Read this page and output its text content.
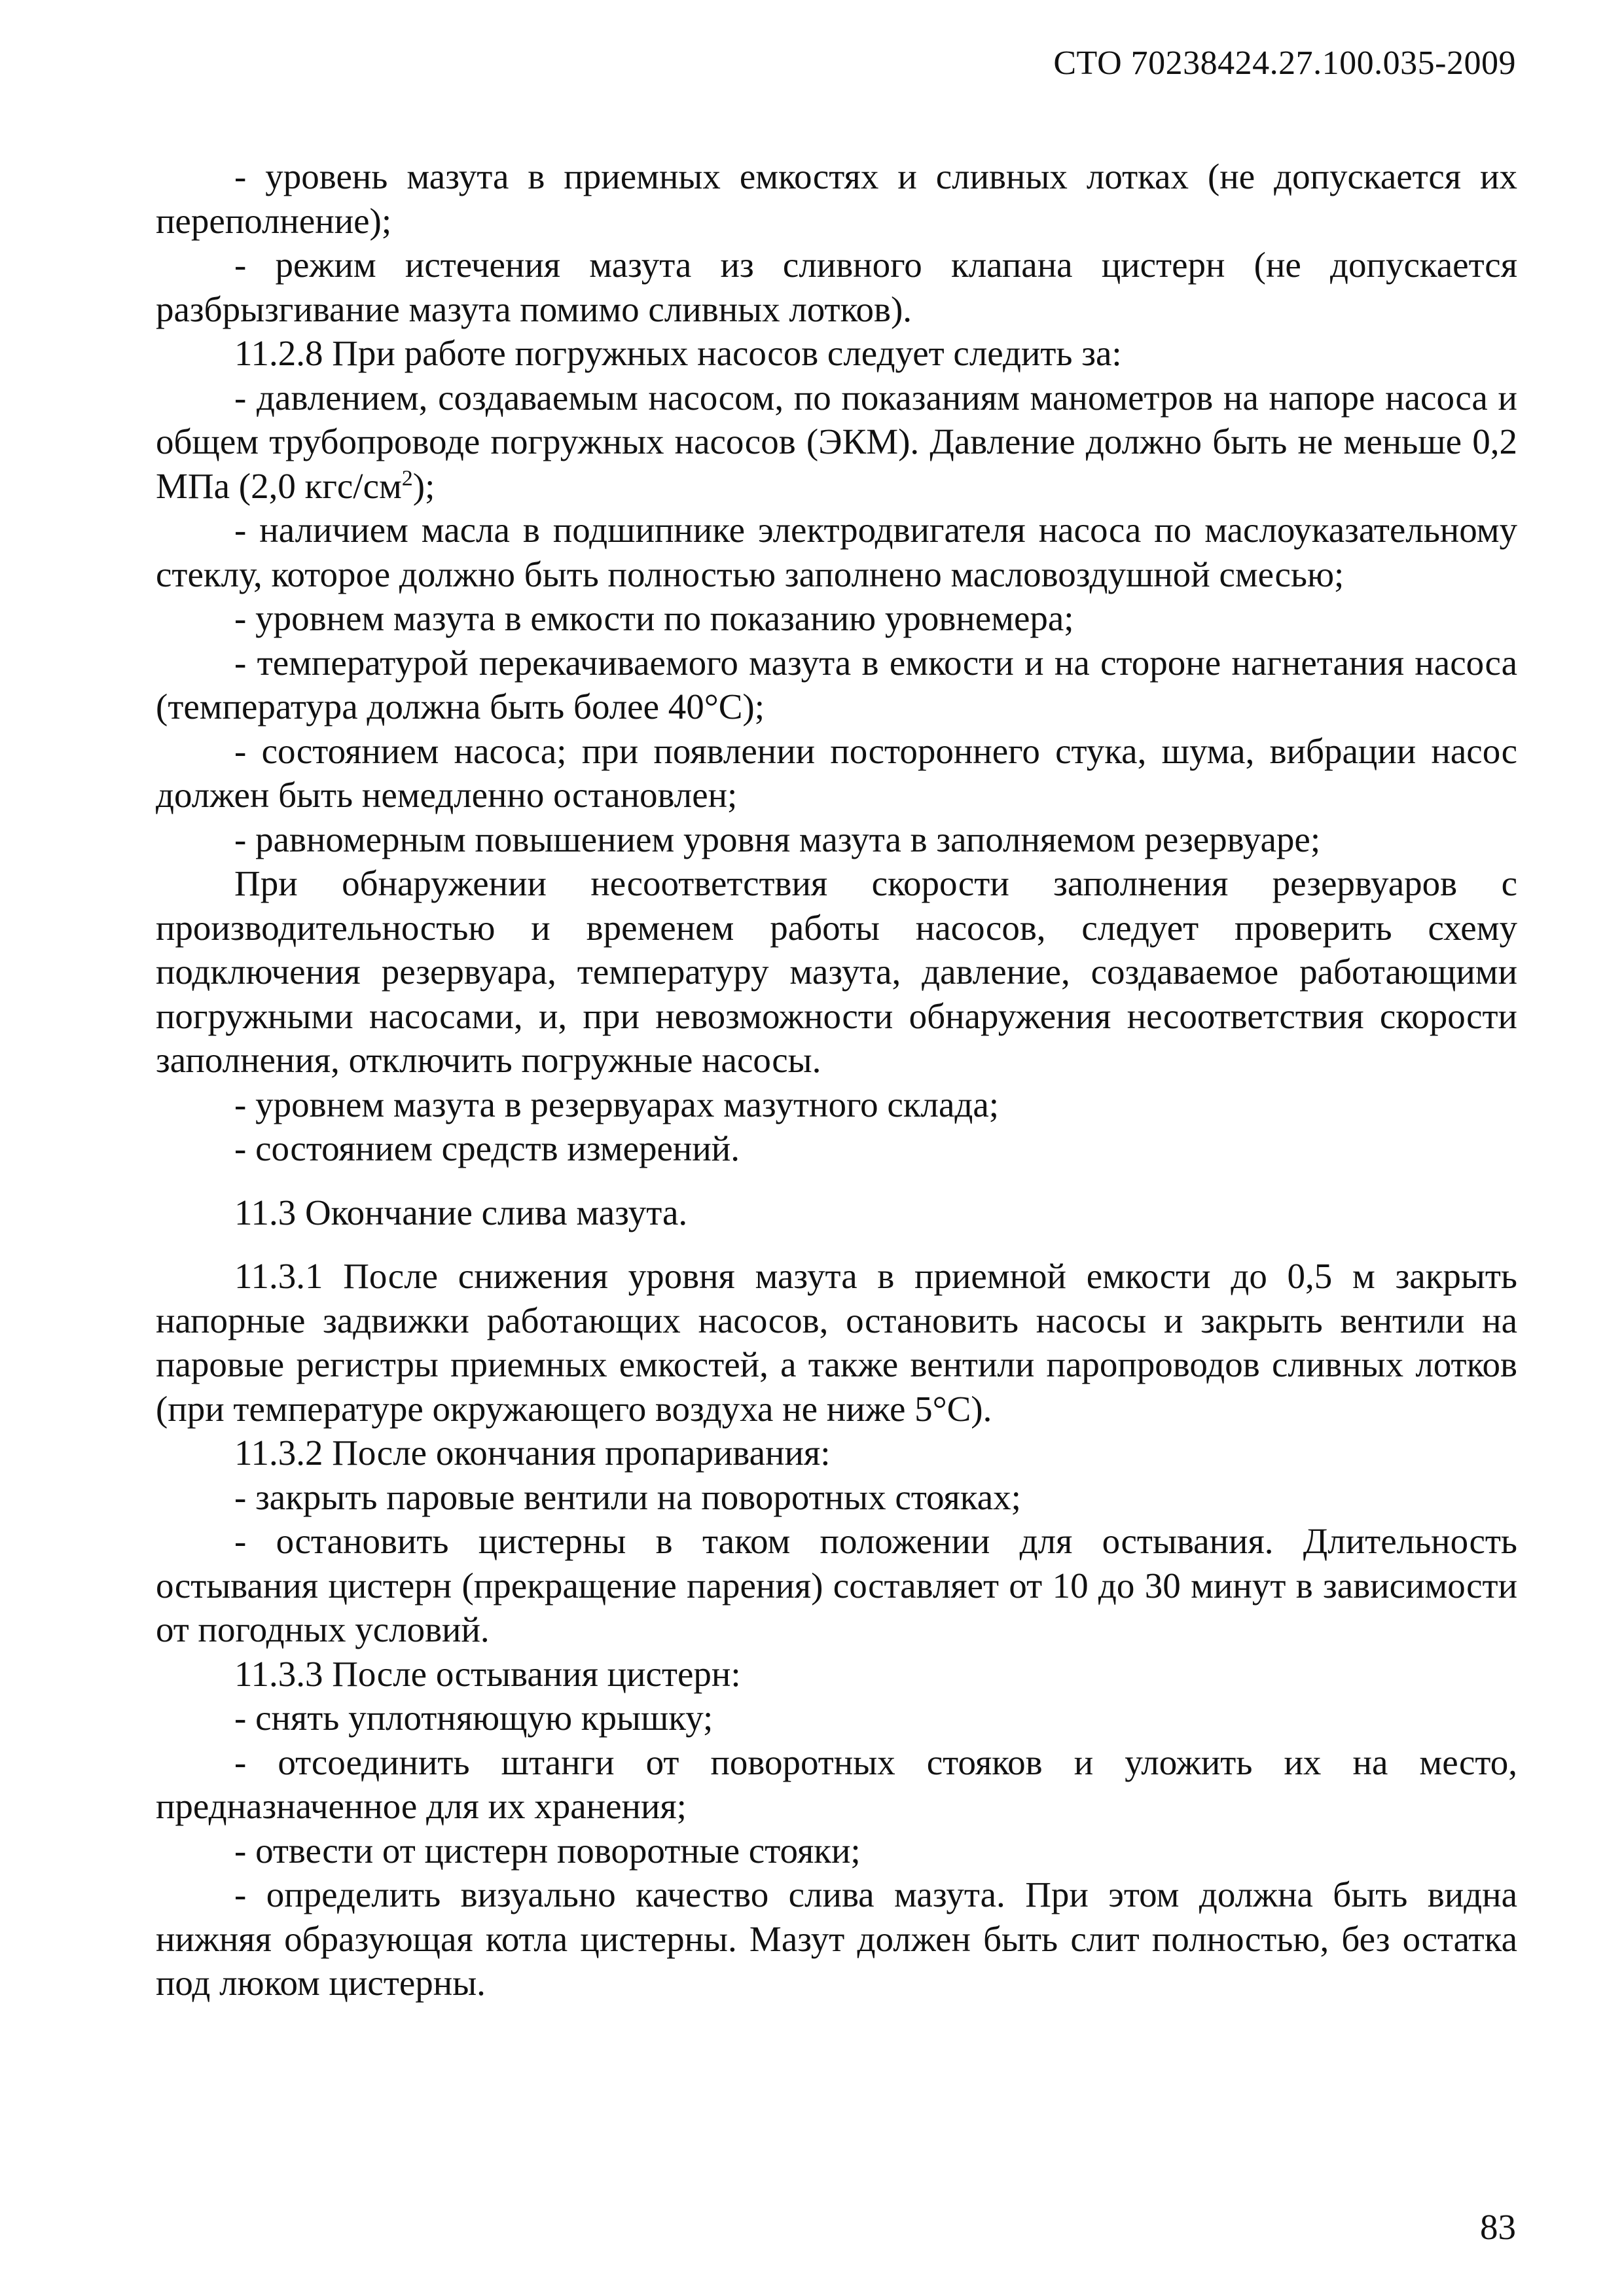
СТО 70238424.27.100.035-2009

- уровень мазута в приемных емкостях и сливных лотках (не допускается их переполнение);

- режим истечения мазута из сливного клапана цистерн (не допускается разбрызгивание мазута помимо сливных лотков).

11.2.8 При работе погружных насосов следует следить за:

- давлением, создаваемым насосом, по показаниям манометров на напоре насоса и общем трубопроводе погружных насосов (ЭКМ). Давление должно быть не меньше 0,2 МПа (2,0 кгс/$см^2$);

- наличием масла в подшипнике электродвигателя насоса по маслоуказательному стеклу, которое должно быть полностью заполнено масловоздушной смесью;

- уровнем мазута в емкости по показанию уровнемера;

- температурой перекачиваемого мазута в емкости и на стороне нагнетания насоса (температура должна быть более 40°С);

- состоянием насоса; при появлении постороннего стука, шума, вибрации насос должен быть немедленно остановлен;

- равномерным повышением уровня мазута в заполняемом резервуаре;

При обнаружении несоответствия скорости заполнения резервуаров с производительностью и временем работы насосов, следует проверить схему подключения резервуара, температуру мазута, давление, создаваемое работающими погружными насосами, и, при невозможности обнаружения несоответствия скорости заполнения, отключить погружные насосы.

- уровнем мазута в резервуарах мазутного склада;

- состоянием средств измерений.

11.3 Окончание слива мазута.

11.3.1 После снижения уровня мазута в приемной емкости до 0,5 м закрыть напорные задвижки работающих насосов, остановить насосы и закрыть вентили на паровые регистры приемных емкостей, а также вентили паропроводов сливных лотков (при температуре окружающего воздуха не ниже 5°С).

11.3.2 После окончания пропаривания:

- закрыть паровые вентили на поворотных стояках;

- остановить цистерны в таком положении для остывания. Длительность остывания цистерн (прекращение парения) составляет от 10 до 30 минут в зависимости от погодных условий.

11.3.3 После остывания цистерн:

- снять уплотняющую крышку;

- отсоединить штанги от поворотных стояков и уложить их на место, предназначенное для их хранения;

- отвести от цистерн поворотные стояки;

- определить визуально качество слива мазута. При этом должна быть видна нижняя образующая котла цистерны. Мазут должен быть слит полностью, без остатка под люком цистерны.

83
